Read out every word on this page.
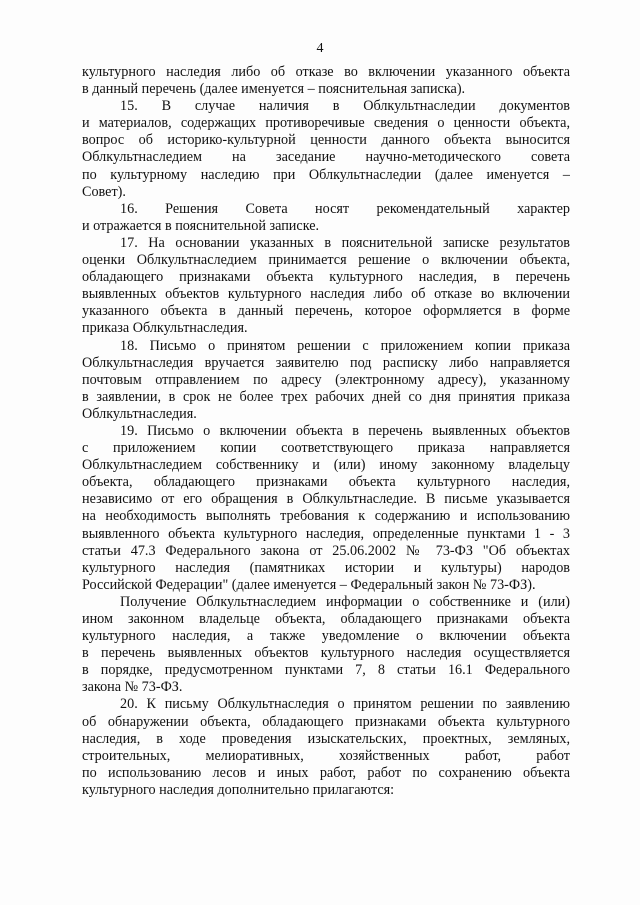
4
культурного наследия либо об отказе во включении указанного объекта
в данный перечень (далее именуется – пояснительная записка).
15. В случае наличия в Облкультнаследии документов
и материалов, содержащих противоречивые сведения о ценности объекта,
вопрос об историко-культурной ценности данного объекта выносится
Облкультнаследием на заседание научно-методического совета
по культурному наследию при Облкультнаследии (далее именуется –
Совет).
16. Решения Совета носят рекомендательный характер
и отражается в пояснительной записке.
17. На основании указанных в пояснительной записке результатов
оценки Облкультнаследием принимается решение о включении объекта,
обладающего признаками объекта культурного наследия, в перечень
выявленных объектов культурного наследия либо об отказе во включении
указанного объекта в данный перечень, которое оформляется в форме
приказа Облкультнаследия.
18. Письмо о принятом решении с приложением копии приказа
Облкультнаследия вручается заявителю под расписку либо направляется
почтовым отправлением по адресу (электронному адресу), указанному
в заявлении, в срок не более трех рабочих дней со дня принятия приказа
Облкультнаследия.
19. Письмо о включении объекта в перечень выявленных объектов
с приложением копии соответствующего приказа направляется
Облкультнаследием собственнику и (или) иному законному владельцу
объекта, обладающего признаками объекта культурного наследия,
независимо от его обращения в Облкультнаследие. В письме указывается
на необходимость выполнять требования к содержанию и использованию
выявленного объекта культурного наследия, определенные пунктами 1 - 3
статьи 47.3 Федерального закона от 25.06.2002 № 73-ФЗ "Об объектах
культурного наследия (памятниках истории и культуры) народов
Российской Федерации" (далее именуется – Федеральный закон № 73-ФЗ).
Получение Облкультнаследием информации о собственнике и (или)
ином законном владельце объекта, обладающего признаками объекта
культурного наследия, а также уведомление о включении объекта
в перечень выявленных объектов культурного наследия осуществляется
в порядке, предусмотренном пунктами 7, 8 статьи 16.1 Федерального
закона № 73-ФЗ.
20. К письму Облкультнаследия о принятом решении по заявлению
об обнаружении объекта, обладающего признаками объекта культурного
наследия, в ходе проведения изыскательских, проектных, земляных,
строительных, мелиоративных, хозяйственных работ, работ
по использованию лесов и иных работ, работ по сохранению объекта
культурного наследия дополнительно прилагаются:
